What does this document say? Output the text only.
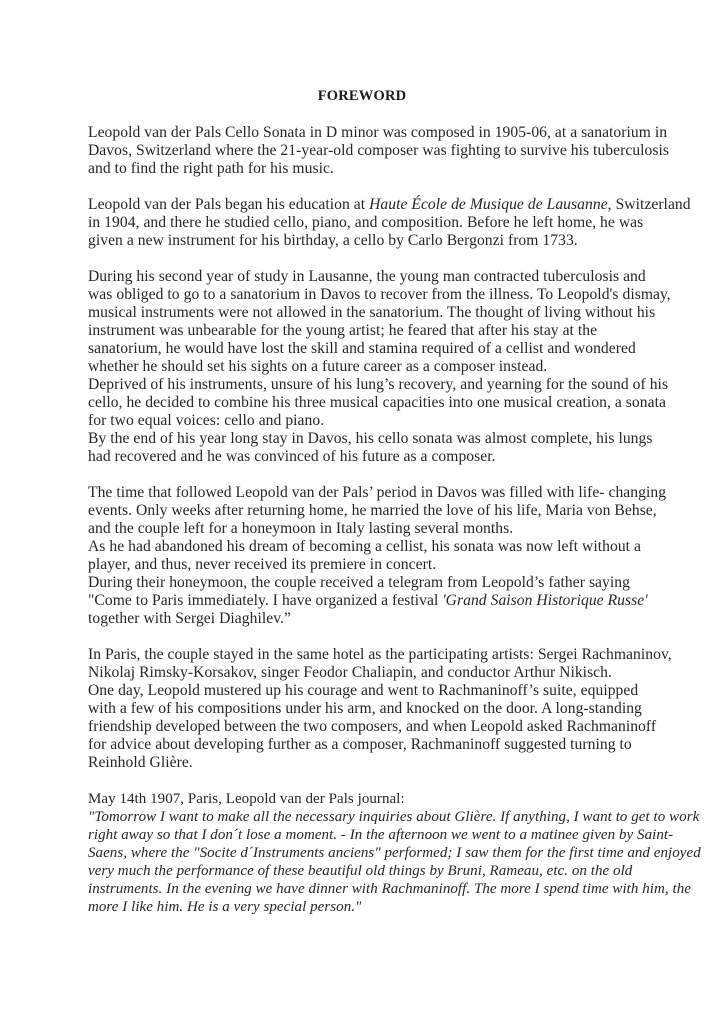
FOREWORD
Leopold van der Pals Cello Sonata in D minor was composed in 1905-06, at a sanatorium in
Davos, Switzerland where the 21-year-old composer was fighting to survive his tuberculosis
and to find the right path for his music.
Leopold van der Pals began his education at Haute École de Musique de Lausanne, Switzerland
in 1904, and there he studied cello, piano, and composition. Before he left home, he was
given a new instrument for his birthday, a cello by Carlo Bergonzi from 1733.
During his second year of study in Lausanne, the young man contracted tuberculosis and
was obliged to go to a sanatorium in Davos to recover from the illness. To Leopold's dismay,
musical instruments were not allowed in the sanatorium. The thought of living without his
instrument was unbearable for the young artist; he feared that after his stay at the
sanatorium, he would have lost the skill and stamina required of a cellist and wondered
whether he should set his sights on a future career as a composer instead.
Deprived of his instruments, unsure of his lung’s recovery, and yearning for the sound of his
cello, he decided to combine his three musical capacities into one musical creation, a sonata
for two equal voices: cello and piano.
By the end of his year long stay in Davos, his cello sonata was almost complete, his lungs
had recovered and he was convinced of his future as a composer.
The time that followed Leopold van der Pals’ period in Davos was filled with life- changing
events. Only weeks after returning home, he married the love of his life, Maria von Behse,
and the couple left for a honeymoon in Italy lasting several months.
As he had abandoned his dream of becoming a cellist, his sonata was now left without a
player, and thus, never received its premiere in concert.
During their honeymoon, the couple received a telegram from Leopold’s father saying
"Come to Paris immediately. I have organized a festival 'Grand Saison Historique Russe'
together with Sergei Diaghilev.”
In Paris, the couple stayed in the same hotel as the participating artists: Sergei Rachmaninov,
Nikolaj Rimsky-Korsakov, singer Feodor Chaliapin, and conductor Arthur Nikisch.
One day, Leopold mustered up his courage and went to Rachmaninoff’s suite, equipped
with a few of his compositions under his arm, and knocked on the door. A long-standing
friendship developed between the two composers, and when Leopold asked Rachmaninoff
for advice about developing further as a composer, Rachmaninoff suggested turning to
Reinhold Glière.
May 14th 1907, Paris, Leopold van der Pals journal:
"Tomorrow I want to make all the necessary inquiries about Glière. If anything, I want to get to work
right away so that I don´t lose a moment. - In the afternoon we went to a matinee given by Saint-
Saens, where the "Socite d´Instruments anciens" performed; I saw them for the first time and enjoyed
very much the performance of these beautiful old things by Bruni, Rameau, etc. on the old
instruments. In the evening we have dinner with Rachmaninoff. The more I spend time with him, the
more I like him. He is a very special person."
